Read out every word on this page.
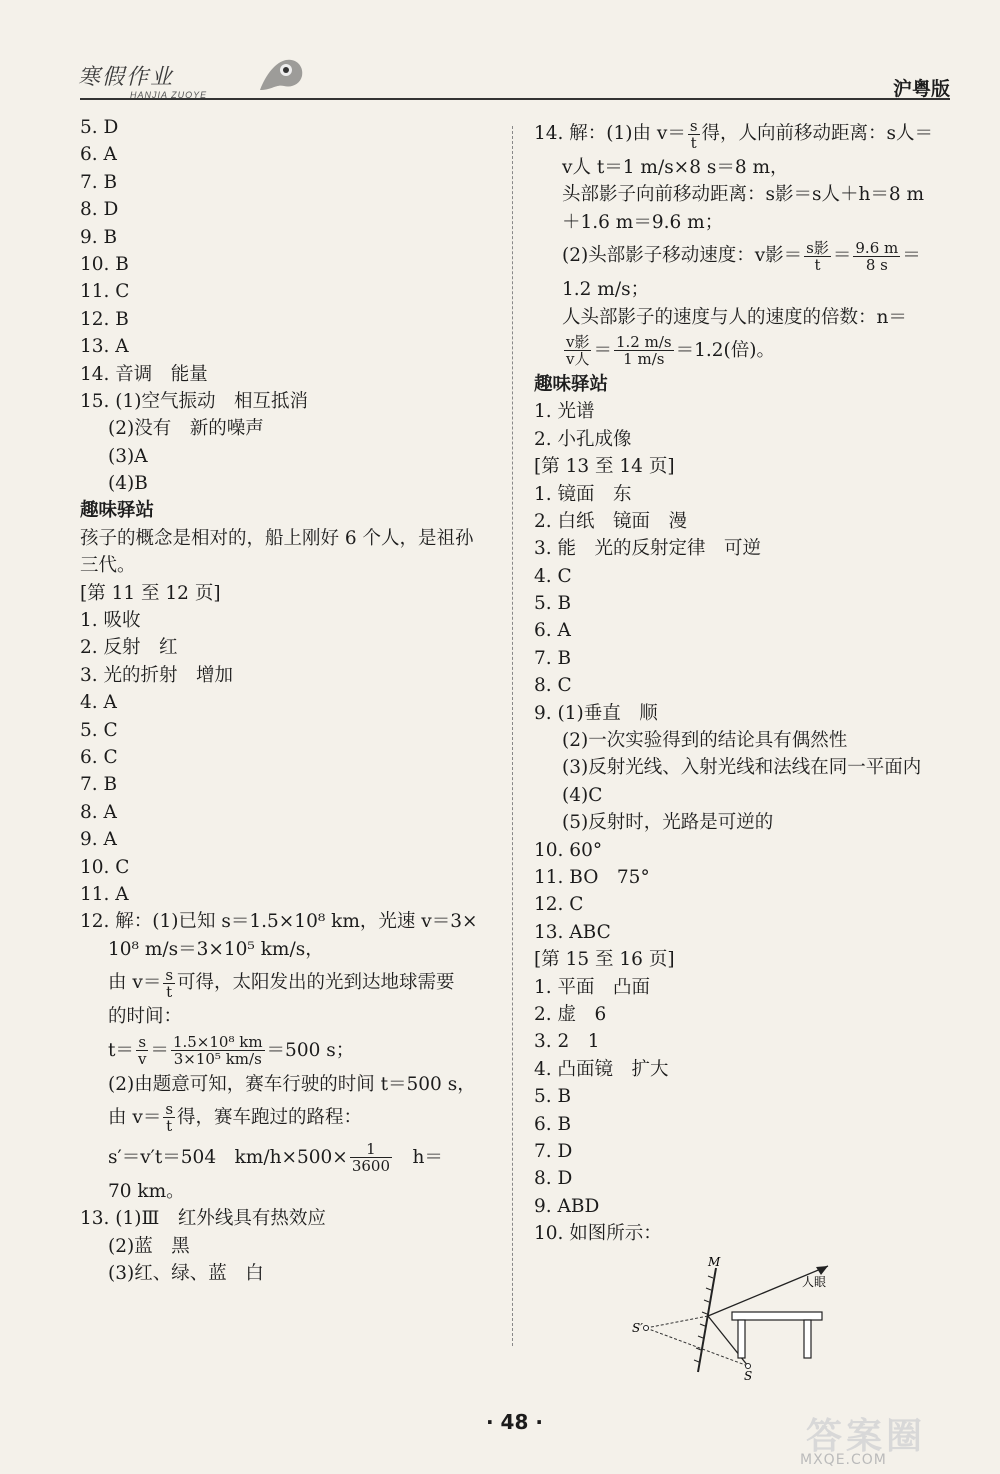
寒假作业
HANJIA ZUOYE	沪粤版
5. D
6. A
7. B
8. D
9. B
10. B
11. C
12. B
13. A
14. 音调　能量
15. (1)空气振动　相互抵消
(2)没有　新的噪声
(3)A
(4)B
趣味驿站
孩子的概念是相对的，船上刚好 6 个人，是祖孙
三代。
[第 11 至 12 页]
1. 吸收
2. 反射　红
3. 光的折射　增加
4. A
5. C
6. C
7. B
8. A
9. A
10. C
11. A
12. 解：(1)已知 s＝1.5×10⁸ km，光速 v＝3×
10⁸ m/s＝3×10⁵ km/s，
由 $v= \frac{s}{t}$ 可得，太阳发出的光到达地球需要
的时间：
$t= \frac{s}{v} = \frac{\text{1.5×10⁸ km}}{\text{3×10⁵ km/s}} =500$ s；
(2)由题意可知，赛车行驶的时间 t＝500 s，
由 $v= \frac{s}{t}$ 得，赛车跑过的路程：
s′＝v′t＝504　$km/h\times 500\times \frac{1}{3600}$ 　h＝
70 km。
13. (1)Ⅲ　红外线具有热效应
(2)蓝　黑
(3)红、绿、蓝　白
14. 解：(1)由 $v= \frac{s}{t}$ 得，人向前移动距离：s人＝
v人 t＝1 m/s×8 s＝8 m，
头部影子向前移动距离：s影＝s人＋h＝8 m
＋1.6 m＝9.6 m；
(2)头部影子移动速度：v影＝ $\frac{\text{s影}}{t} = \frac{9.6 m}{8 s}$ ＝
1.2 m/s；
人头部影子的速度与人的速度的倍数：n＝
$\frac{\text{v影}}{\text{v人}} = \frac{1.2 m/s}{1 m/s} =1.2$(倍)。
趣味驿站
1. 光谱
2. 小孔成像
[第 13 至 14 页]
1. 镜面　东
2. 白纸　镜面　漫
3. 能　光的反射定律　可逆
4. C
5. B
6. A
7. B
8. C
9. (1)垂直　顺
(2)一次实验得到的结论具有偶然性
(3)反射光线、入射光线和法线在同一平面内
(4)C
(5)反射时，光路是可逆的
10. 60°
11. BO　75°
12. C
13. ABC
[第 15 至 16 页]
1. 平面　凸面
2. 虚　6
3. 2　1
4. 凸面镜　扩大
5. B
6. B
7. D
8. D
9. ABD
10. 如图所示：
M
人眼
S′
S
· 48 ·	答案圈
MXQE.COM
